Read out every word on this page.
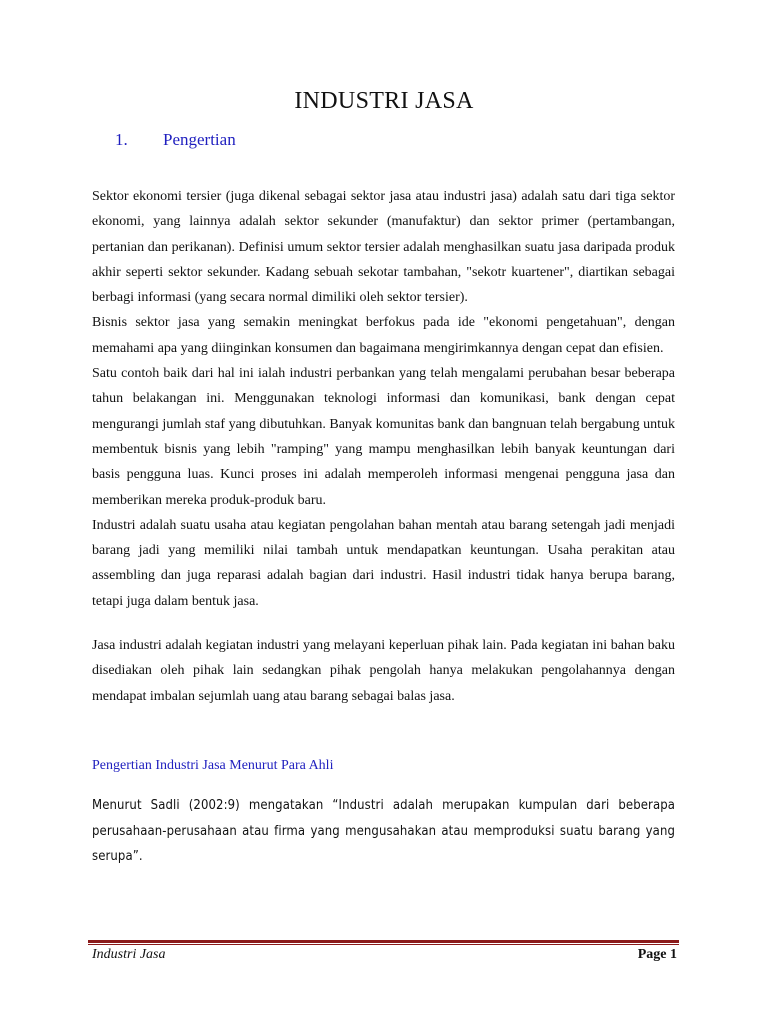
INDUSTRI JASA
1. Pengertian

Sektor ekonomi tersier (juga dikenal sebagai sektor jasa atau industri jasa) adalah satu dari tiga sektor ekonomi, yang lainnya adalah sektor sekunder (manufaktur) dan sektor primer (pertambangan, pertanian dan perikanan). Definisi umum sektor tersier adalah menghasilkan suatu jasa daripada produk akhir seperti sektor sekunder. Kadang sebuah sekotar tambahan, "sekotr kuartener", diartikan sebagai berbagi informasi (yang secara normal dimiliki oleh sektor tersier).

Bisnis sektor jasa yang semakin meningkat berfokus pada ide "ekonomi pengetahuan", dengan memahami apa yang diinginkan konsumen dan bagaimana mengirimkannya dengan cepat dan efisien.

Satu contoh baik dari hal ini ialah industri perbankan yang telah mengalami perubahan besar beberapa tahun belakangan ini. Menggunakan teknologi informasi dan komunikasi, bank dengan cepat mengurangi jumlah staf yang dibutuhkan. Banyak komunitas bank dan bangnuan telah bergabung untuk membentuk bisnis yang lebih "ramping" yang mampu menghasilkan lebih banyak keuntungan dari basis pengguna luas. Kunci proses ini adalah memperoleh informasi mengenai pengguna jasa dan memberikan mereka produk-produk baru.

Industri adalah suatu usaha atau kegiatan pengolahan bahan mentah atau barang setengah jadi menjadi barang jadi yang memiliki nilai tambah untuk mendapatkan keuntungan. Usaha perakitan atau assembling dan juga reparasi adalah bagian dari industri. Hasil industri tidak hanya berupa barang, tetapi juga dalam bentuk jasa.

Jasa industri adalah kegiatan industri yang melayani keperluan pihak lain. Pada kegiatan ini bahan baku disediakan oleh pihak lain sedangkan pihak pengolah hanya melakukan pengolahannya dengan mendapat imbalan sejumlah uang atau barang sebagai balas jasa.

Pengertian Industri Jasa Menurut Para Ahli

Menurut Sadli (2002:9) mengatakan “Industri adalah merupakan kumpulan dari beberapa perusahaan-perusahaan atau firma yang mengusahakan atau memproduksi suatu barang yang serupa”.

Industri Jasa	Page 1
